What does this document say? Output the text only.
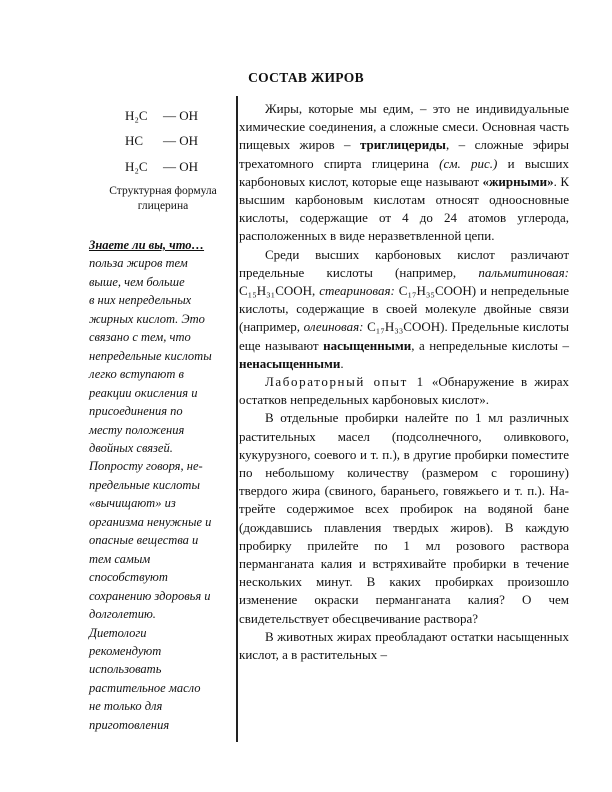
СОСТАВ ЖИРОВ
H₂C — OH
HC — OH
H₂C — OH
Структурная формула
глицерина
Знаете ли вы, что…
польза жиров тем
выше, чем больше
в них непредельных
жирных кислот. Это
связано с тем, что
непредельные кислоты
легко вступают в
реакции окисления и
присоединения по
месту положения
двойных связей.
Попросту говоря, не-
предельные кислоты
«вычищают» из
организма ненужные и
опасные вещества и
тем самым
способствуют
сохранению здоровья и
долголетию.
Диетологи
рекомендуют
использовать
растительное масло
не только для
приготовления

Жиры, которые мы едим, – это не индивидуальные химические соединения, а сложные смеси. Основная часть пищевых жиров – триглицериды, – сложные эфиры трехатомного спирта глицерина (см. рис.) и высших карбоновых кислот, которые еще называют «жирными». К высшим карбоновым кислотам относят одноосновные кислоты, содержащие от 4 до 24 атомов углерода, расположенных в виде неразветвленной цепи.

Среди высших карбоновых кислот различают предельные кислоты (например, пальмитиновая: C₁₅H₃₁COOH, стеариновая: C₁₇H₃₅COOH) и непредельные кислоты, содержащие в своей молекуле двойные связи (например, олеиновая: C₁₇H₃₃COOH). Предельные кислоты еще называют насыщенными, а непредельные кислоты – ненасыщенными.

Лабораторный опыт 1 «Обнаружение в жирах остатков непредельных карбоновых кислот».

В отдельные пробирки налейте по 1 мл различных растительных масел (подсолнечного, оливкового, кукурузного, соевого и т. п.), в другие пробирки поместите по небольшому количеству (размером с горошину) твердого жира (свиного, бараньего, говяжьего и т. п.). На-трейте содержимое всех пробирок на водяной бане (дождавшись плавления твердых жиров). В каждую пробирку прилейте по 1 мл розового раствора перманганата калия и встряхивайте пробирки в течение нескольких минут. В каких пробирках произошло изменение окраски перманганата калия? О чем свидетельствует обесцвечивание раствора?

В животных жирах преобладают остатки насыщенных кислот, а в растительных –
